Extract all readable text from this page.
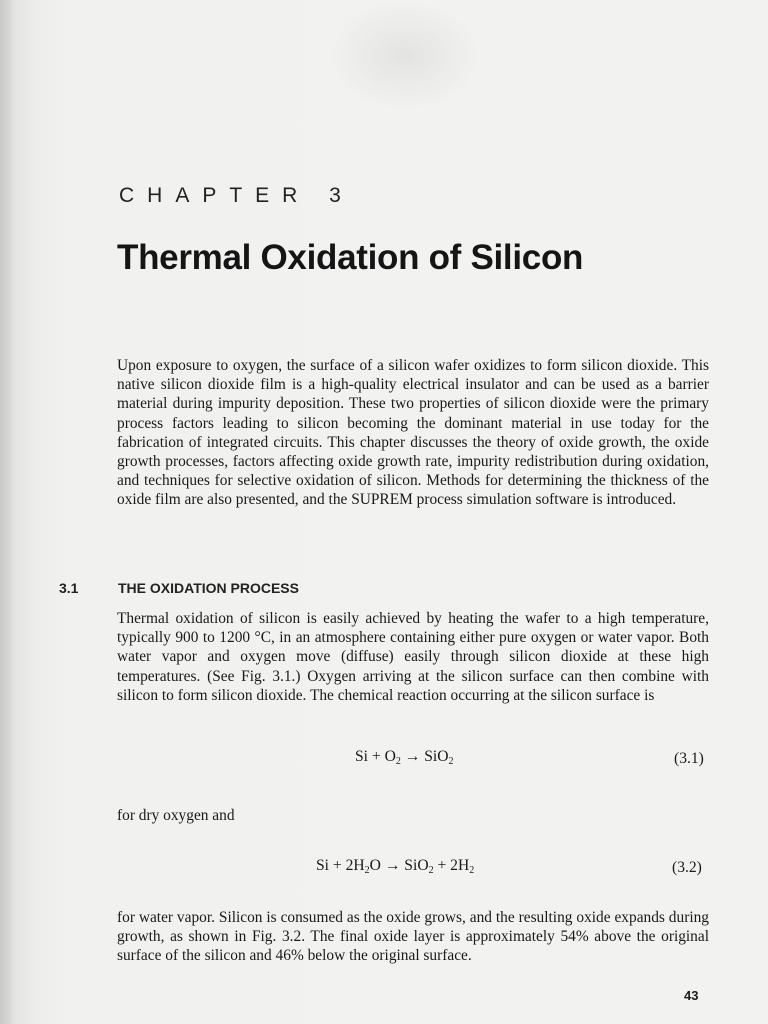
CHAPTER 3
Thermal Oxidation of Silicon
Upon exposure to oxygen, the surface of a silicon wafer oxidizes to form silicon dioxide. This native silicon dioxide film is a high-quality electrical insulator and can be used as a barrier material during impurity deposition. These two properties of silicon dioxide were the primary process factors leading to silicon becoming the dominant material in use today for the fabrication of integrated circuits. This chapter discusses the theory of oxide growth, the oxide growth processes, factors affecting oxide growth rate, impurity redistribution during oxidation, and techniques for selective oxidation of silicon. Methods for determining the thickness of the oxide film are also presented, and the SUPREM process simulation software is introduced.
3.1	THE OXIDATION PROCESS
Thermal oxidation of silicon is easily achieved by heating the wafer to a high temperature, typically 900 to 1200 °C, in an atmosphere containing either pure oxygen or water vapor. Both water vapor and oxygen move (diffuse) easily through silicon dioxide at these high temperatures. (See Fig. 3.1.) Oxygen arriving at the silicon surface can then combine with silicon to form silicon dioxide. The chemical reaction occurring at the silicon surface is
$Si + O_2 \to SiO_2$	(3.1)
for dry oxygen and
$Si + 2H_2O \to SiO_2 + 2H_2$	(3.2)
for water vapor. Silicon is consumed as the oxide grows, and the resulting oxide expands during growth, as shown in Fig. 3.2. The final oxide layer is approximately 54% above the original surface of the silicon and 46% below the original surface.
43
